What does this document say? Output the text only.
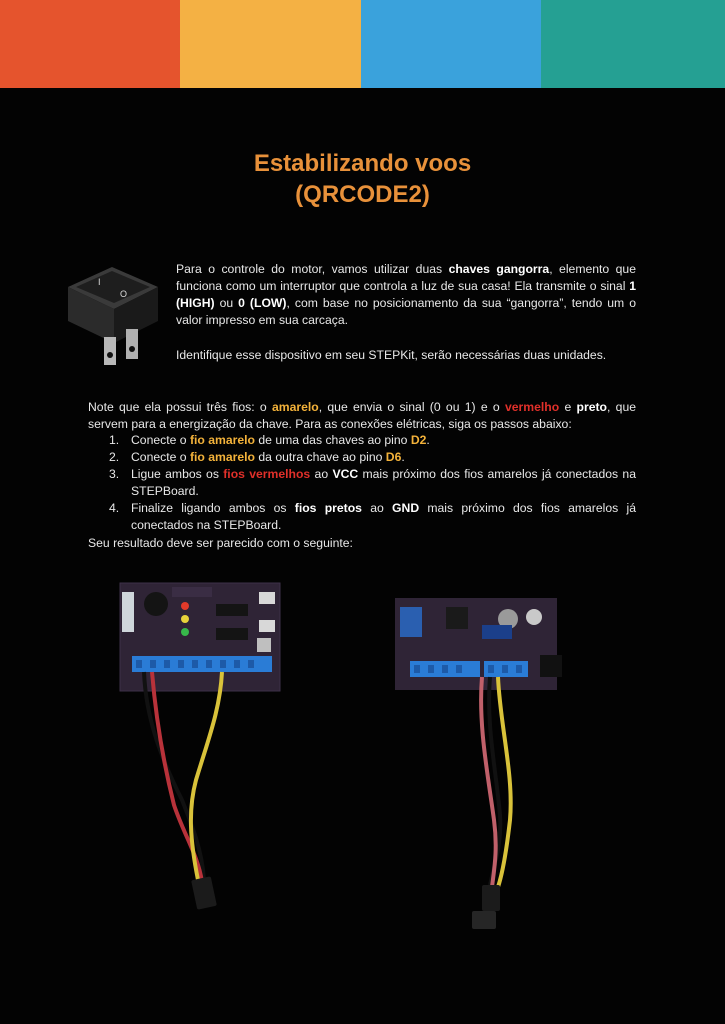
Estabilizando voos
(QRCODE2)
I
O

Para o controle do motor, vamos utilizar duas chaves gangorra, elemento que funciona como um interruptor que controla a luz de sua casa! Ela transmite o sinal 1 (HIGH) ou 0 (LOW), com base no posicionamento da sua “gangorra”, tendo um o valor impresso em sua carcaça.

Identifique esse dispositivo em seu STEPKit, serão necessárias duas unidades.

Note que ela possui três fios: o amarelo, que envia o sinal (0 ou 1) e o vermelho e preto, que servem para a energização da chave. Para as conexões elétricas, siga os passos abaixo:

1. Conecte o fio amarelo de uma das chaves ao pino D2.
2. Conecte o fio amarelo da outra chave ao pino D6.
3. Ligue ambos os fios vermelhos ao VCC mais próximo dos fios amarelos já conectados na STEPBoard.
4. Finalize ligando ambos os fios pretos ao GND mais próximo dos fios amarelos já conectados na STEPBoard.

Seu resultado deve ser parecido com o seguinte:
